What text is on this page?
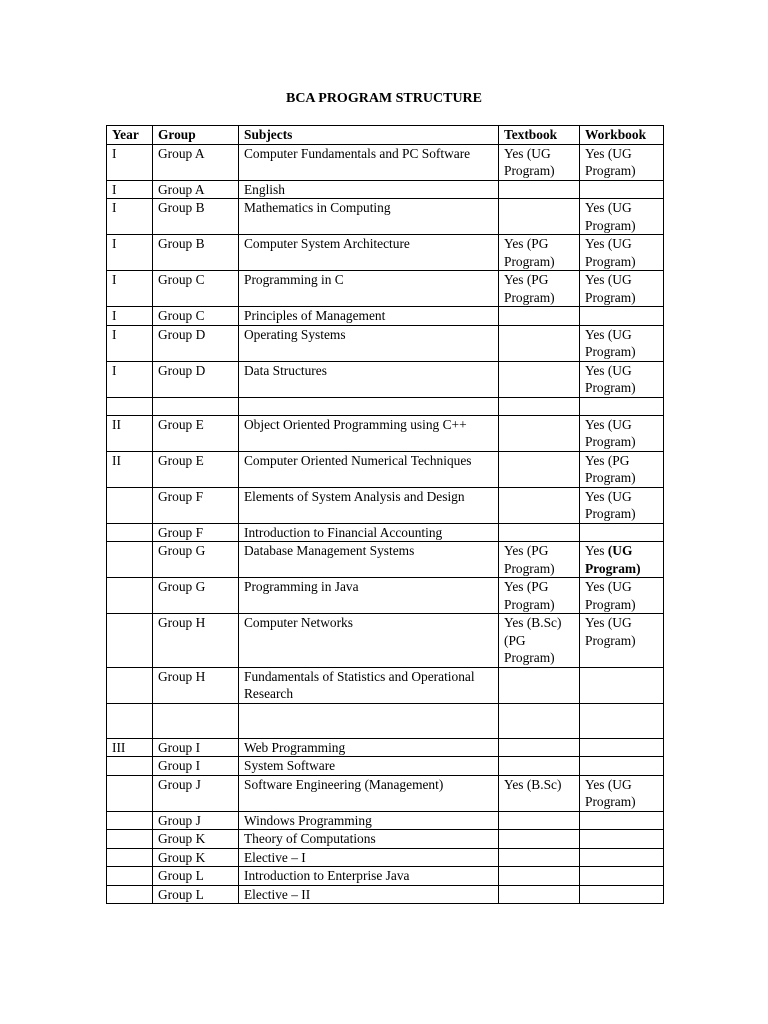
BCA PROGRAM STRUCTURE
Year	Group	Subjects	Textbook	Workbook
I	Group A	Computer Fundamentals and PC Software	Yes (UG Program)	Yes (UG Program)
I	Group A	English		
I	Group B	Mathematics in Computing		Yes (UG Program)
I	Group B	Computer System Architecture	Yes (PG Program)	Yes (UG Program)
I	Group C	Programming in C	Yes (PG Program)	Yes (UG Program)
I	Group C	Principles of Management		
I	Group D	Operating Systems		Yes (UG Program)
I	Group D	Data Structures		Yes (UG Program)

II	Group E	Object Oriented Programming using C++		Yes (UG Program)
II	Group E	Computer Oriented Numerical Techniques		Yes (PG Program)
	Group F	Elements of System Analysis and Design		Yes (UG Program)
	Group F	Introduction to Financial Accounting		
	Group G	Database Management Systems	Yes (PG Program)	Yes (UG Program)
	Group G	Programming in Java	Yes (PG Program)	Yes (UG Program)
	Group H	Computer Networks	Yes (B.Sc) (PG Program)	Yes (UG Program)
	Group H	Fundamentals of Statistics and Operational Research		

III	Group I	Web Programming		
	Group I	System Software		
	Group J	Software Engineering (Management)	Yes (B.Sc)	Yes (UG Program)
	Group J	Windows Programming		
	Group K	Theory of Computations		
	Group K	Elective – I		
	Group L	Introduction to Enterprise Java		
	Group L	Elective – II		
